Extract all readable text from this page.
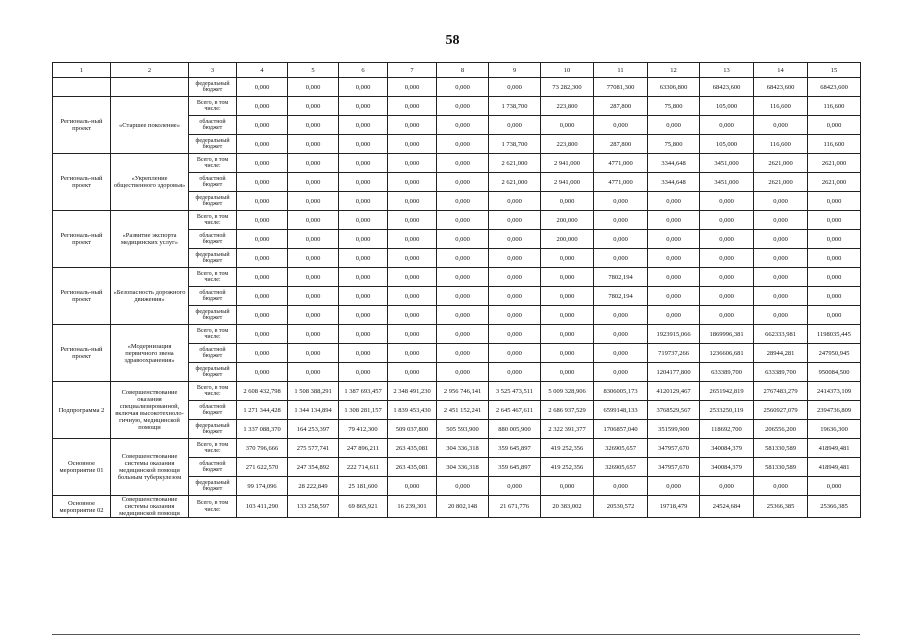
58
1	2	3	4	5	6	7	8	9	10	11	12	13	14	15
		федеральный бюджет	0,000	0,000	0,000	0,000	0,000	0,000	73 282,300	77081,300	63306,800	68423,600	68423,600	68423,600
Региональ-ный проект	«Старшее поколение»	Всего, в том числе:	0,000	0,000	0,000	0,000	0,000	1 738,700	223,800	287,800	75,800	105,000	116,600	116,600
		областной бюджет	0,000	0,000	0,000	0,000	0,000	0,000	0,000	0,000	0,000	0,000	0,000	0,000
		федеральный бюджет	0,000	0,000	0,000	0,000	0,000	1 738,700	223,800	287,800	75,800	105,000	116,600	116,600
Региональ-ный проект	«Укрепление общественного здоровья»	Всего, в том числе:	0,000	0,000	0,000	0,000	0,000	2 621,000	2 941,000	4771,000	3344,648	3451,000	2621,000	2621,000
		областной бюджет	0,000	0,000	0,000	0,000	0,000	2 621,000	2 941,000	4771,000	3344,648	3451,000	2621,000	2621,000
		федеральный бюджет	0,000	0,000	0,000	0,000	0,000	0,000	0,000	0,000	0,000	0,000	0,000	0,000
Региональ-ный проект	«Развитие экспорта медицинских услуг»	Всего, в том числе:	0,000	0,000	0,000	0,000	0,000	0,000	200,000	0,000	0,000	0,000	0,000	0,000
		областной бюджет	0,000	0,000	0,000	0,000	0,000	0,000	200,000	0,000	0,000	0,000	0,000	0,000
		федеральный бюджет	0,000	0,000	0,000	0,000	0,000	0,000	0,000	0,000	0,000	0,000	0,000	0,000
Региональ-ный проект	«Безопасность дорожного движения»	Всего, в том числе:	0,000	0,000	0,000	0,000	0,000	0,000	0,000	7802,194	0,000	0,000	0,000	0,000
		областной бюджет	0,000	0,000	0,000	0,000	0,000	0,000	0,000	7802,194	0,000	0,000	0,000	0,000
		федеральный бюджет	0,000	0,000	0,000	0,000	0,000	0,000	0,000	0,000	0,000	0,000	0,000	0,000
Региональ-ный проект	«Модернизация первичного звена здравоохранения»	Всего, в том числе:	0,000	0,000	0,000	0,000	0,000	0,000	0,000	0,000	1923915,066	1869996,381	662333,981	1198035,445
		областной бюджет	0,000	0,000	0,000	0,000	0,000	0,000	0,000	0,000	719737,266	1236606,681	28944,281	247950,945
		федеральный бюджет	0,000	0,000	0,000	0,000	0,000	0,000	0,000	0,000	1204177,800	633389,700	633389,700	950084,500
Подпрограмма 2	Совершенствование оказания специализированной, включая высокотехноло-гичную, медицинской помощи	Всего, в том числе:	2 608 432,798	1 508 388,291	1 387 693,457	2 348 491,230	2 956 746,141	3 525 473,511	5 009 328,906	8306005,173	4120129,467	2651942,819	2767483,279	2414373,109
		областной бюджет	1 271 344,428	1 344 134,894	1 308 281,157	1 839 453,430	2 451 152,241	2 645 467,611	2 686 937,529	6599148,133	3768529,567	2533250,119	2560927,079	2394736,809
		федеральный бюджет	1 337 088,370	164 253,397	79 412,300	509 037,800	505 593,900	880 005,900	2 322 391,377	1706857,040	351599,900	118692,700	206556,200	19636,300
Основное мероприятие 01	Совершенствование системы оказания медицинской помощи больным туберкулезом	Всего, в том числе:	370 796,666	275 577,741	247 896,211	263 435,081	304 336,318	359 645,897	419 252,356	326905,657	347957,670	340084,379	581330,589	418949,481
		областной бюджет	271 622,570	247 354,892	222 714,611	263 435,081	304 336,318	359 645,897	419 252,356	326905,657	347957,670	340084,379	581330,589	418949,481
		федеральный бюджет	99 174,096	28 222,849	25 181,600	0,000	0,000	0,000	0,000	0,000	0,000	0,000	0,000	0,000
Основное мероприятие 02	Совершенствование системы оказания медицинской помощи	Всего, в том числе:	103 411,290	133 258,597	69 865,921	16 239,301	20 802,148	21 671,776	20 383,002	20530,572	19718,479	24524,684	25366,385	25366,385
